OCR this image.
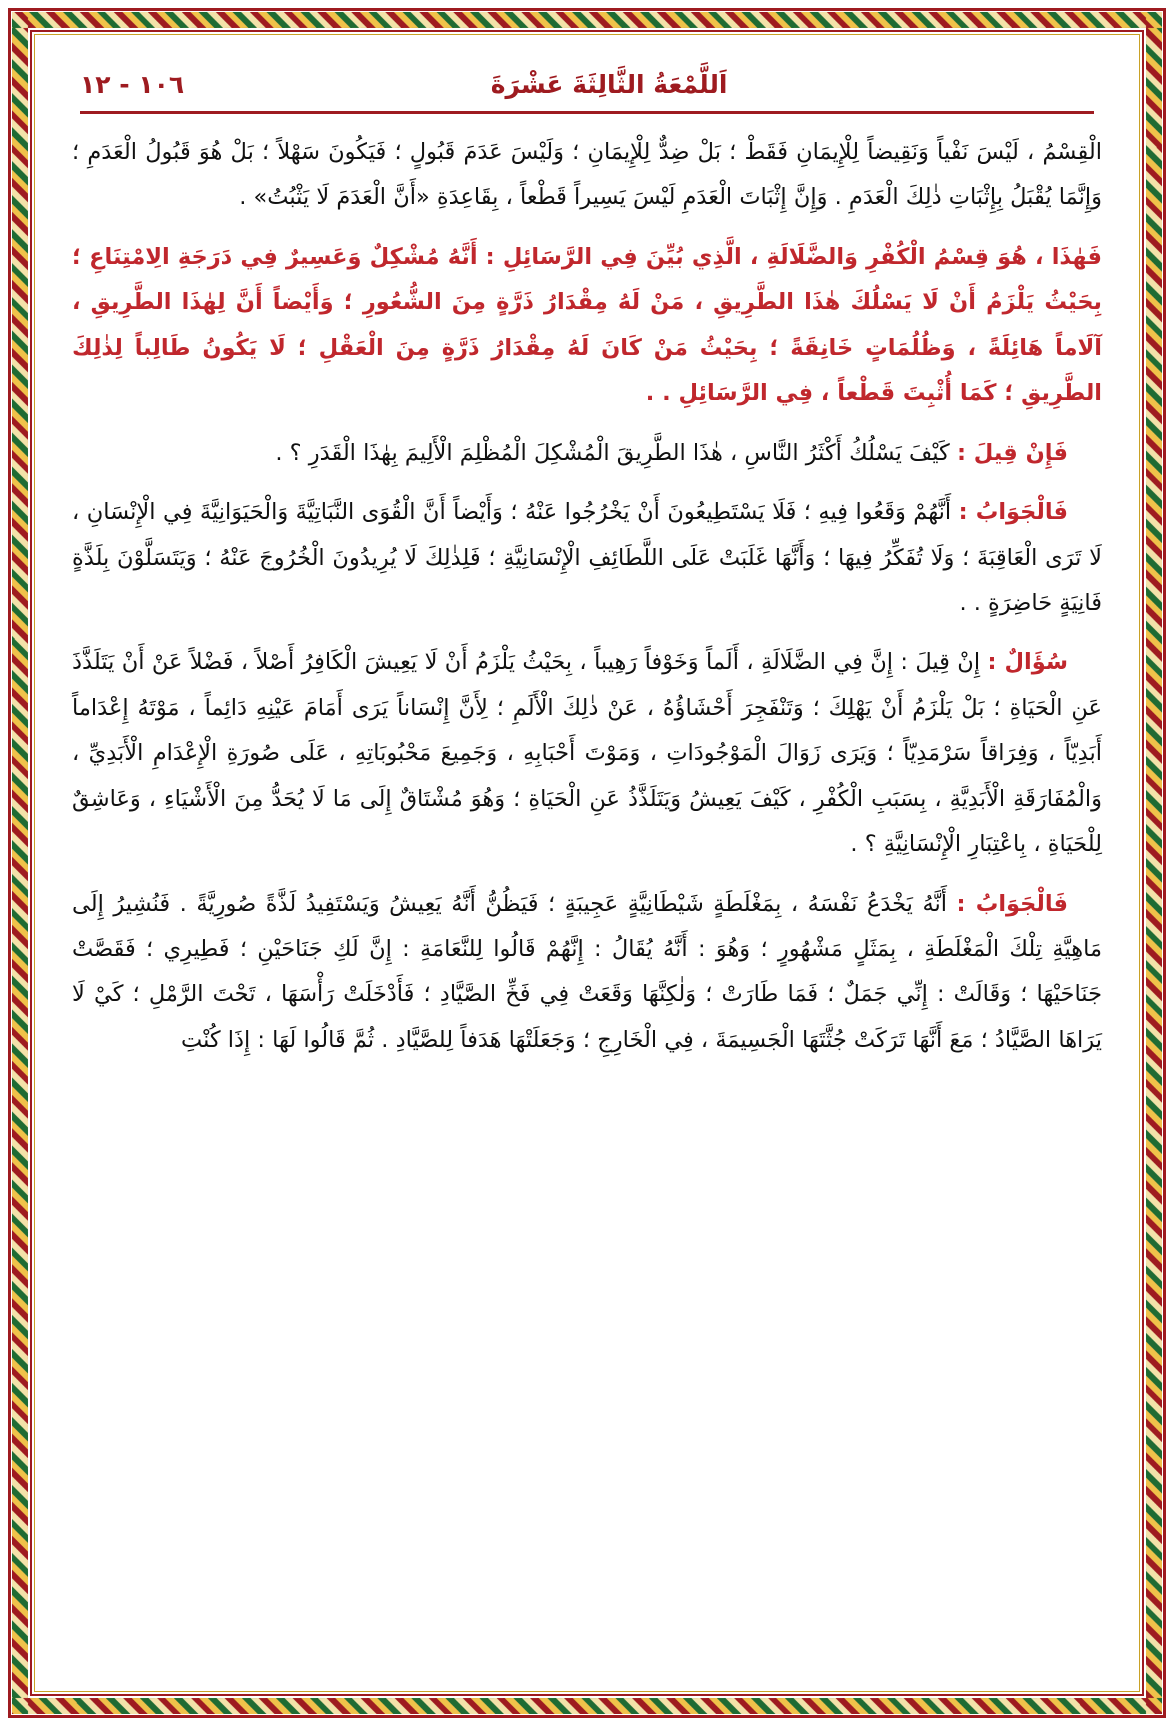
١٠٦ - ١٢	اَللَّمْعَةُ الثَّالِثَةَ عَشْرَةَ

الْقِسْمُ ، لَيْسَ نَفْياً وَنَقِيضاً لِلْإِيمَانِ فَقَطْ ؛ بَلْ ضِدٌّ لِلْإِيمَانِ ؛ وَلَيْسَ عَدَمَ قَبُولٍ ؛ فَيَكُونَ سَهْلاً ؛ بَلْ هُوَ قَبُولُ الْعَدَمِ ؛ وَإِنَّمَا يُقْبَلُ بِإِثْبَاتِ ذٰلِكَ الْعَدَمِ . وَإِنَّ إِثْبَاتَ الْعَدَمِ لَيْسَ يَسِيراً قَطْعاً ، بِقَاعِدَةِ «أَنَّ الْعَدَمَ لَا يَثْبُتُ» .

فَهٰذَا ، هُوَ قِسْمُ الْكُفْرِ وَالضَّلَالَةِ ، الَّذِي بُيِّنَ فِي الرَّسَائِلِ : أَنَّهُ مُشْكِلٌ وَعَسِيرٌ فِي دَرَجَةِ الِامْتِنَاعِ ؛ بِحَيْثُ يَلْزَمُ أَنْ لَا يَسْلُكَ هٰذَا الطَّرِيقِ ، مَنْ لَهُ مِقْدَارُ ذَرَّةٍ مِنَ الشُّعُورِ ؛ وَأَيْضاً أَنَّ لِهٰذَا الطَّرِيقِ ، آلَاماً هَائِلَةً ، وَظُلُمَاتٍ خَانِقَةً ؛ بِحَيْثُ مَنْ كَانَ لَهُ مِقْدَارُ ذَرَّةٍ مِنَ الْعَقْلِ ؛ لَا يَكُونُ طَالِباً لِذٰلِكَ الطَّرِيقِ ؛ كَمَا أُثْبِتَ قَطْعاً ، فِي الرَّسَائِلِ . .

فَإِنْ قِيلَ : كَيْفَ يَسْلُكُ أَكْثَرُ النَّاسِ ، هٰذَا الطَّرِيقَ الْمُشْكِلَ الْمُظْلِمَ الْأَلِيمَ بِهٰذَا الْقَدَرِ ؟ .

فَالْجَوَابُ : أَنَّهُمْ وَقَعُوا فِيهِ ؛ فَلَا يَسْتَطِيعُونَ أَنْ يَخْرُجُوا عَنْهُ ؛ وَأَيْضاً أَنَّ الْقُوَى النَّبَاتِيَّةَ وَالْحَيَوَانِيَّةَ فِي الْإِنْسَانِ ، لَا تَرَى الْعَاقِبَةَ ؛ وَلَا تُفَكِّرُ فِيهَا ؛ وَأَنَّهَا غَلَبَتْ عَلَى اللَّطَائِفِ الْإِنْسَانِيَّةِ ؛ فَلِذٰلِكَ لَا يُرِيدُونَ الْخُرُوجَ عَنْهُ ؛ وَيَتَسَلَّوْنَ بِلَذَّةٍ فَانِيَةٍ حَاضِرَةٍ . .

سُؤَالٌ : إِنْ قِيلَ : إِنَّ فِي الضَّلَالَةِ ، أَلَماً وَخَوْفاً رَهِيباً ، بِحَيْثُ يَلْزَمُ أَنْ لَا يَعِيشَ الْكَافِرُ أَصْلاً ، فَضْلاً عَنْ أَنْ يَتَلَذَّذَ عَنِ الْحَيَاةِ ؛ بَلْ يَلْزَمُ أَنْ يَهْلِكَ ؛ وَتَنْفَجِرَ أَحْشَاؤُهُ ، عَنْ ذٰلِكَ الْأَلَمِ ؛ لِأَنَّ إِنْسَاناً يَرَى أَمَامَ عَيْنِهِ دَائِماً ، مَوْتَهُ إِعْدَاماً أَبَدِيّاً ، وَفِرَاقاً سَرْمَدِيّاً ؛ وَيَرَى زَوَالَ الْمَوْجُودَاتِ ، وَمَوْتَ أَحْبَابِهِ ، وَجَمِيعَ مَحْبُوبَاتِهِ ، عَلَى صُورَةِ الْإِعْدَامِ الْأَبَدِيِّ ، وَالْمُفَارَقَةِ الْأَبَدِيَّةِ ، بِسَبَبِ الْكُفْرِ ، كَيْفَ يَعِيشُ وَيَتَلَذَّذُ عَنِ الْحَيَاةِ ؛ وَهُوَ مُشْتَاقٌ إِلَى مَا لَا يُحَدُّ مِنَ الْأَشْيَاءِ ، وَعَاشِقٌ لِلْحَيَاةِ ، بِاعْتِبَارِ الْإِنْسَانِيَّةِ ؟ .

فَالْجَوَابُ : أَنَّهُ يَخْدَعُ نَفْسَهُ ، بِمَغْلَطَةٍ شَيْطَانِيَّةٍ عَجِيبَةٍ ؛ فَيَظُنُّ أَنَّهُ يَعِيشُ وَيَسْتَفِيدُ لَذَّةً صُورِيَّةً . فَنُشِيرُ إِلَى مَاهِيَّةِ تِلْكَ الْمَغْلَطَةِ ، بِمَثَلٍ مَشْهُورٍ ؛ وَهُوَ : أَنَّهُ يُقَالُ : إِنَّهُمْ قَالُوا لِلنَّعَامَةِ : إِنَّ لَكِ جَنَاحَيْنِ ؛ فَطِيرِي ؛ فَقَصَّتْ جَنَاحَيْهَا ؛ وَقَالَتْ : إِنِّي جَمَلٌ ؛ فَمَا طَارَتْ ؛ وَلٰكِنَّهَا وَقَعَتْ فِي فَخِّ الصَّيَّادِ ؛ فَأَدْخَلَتْ رَأْسَهَا ، تَحْتَ الرَّمْلِ ؛ كَيْ لَا يَرَاهَا الصَّيَّادُ ؛ مَعَ أَنَّهَا تَرَكَتْ جُثَّتَهَا الْجَسِيمَةَ ، فِي الْخَارِجِ ؛ وَجَعَلَتْهَا هَدَفاً لِلصَّيَّادِ . ثُمَّ قَالُوا لَهَا : إِذَا كُنْتِ
